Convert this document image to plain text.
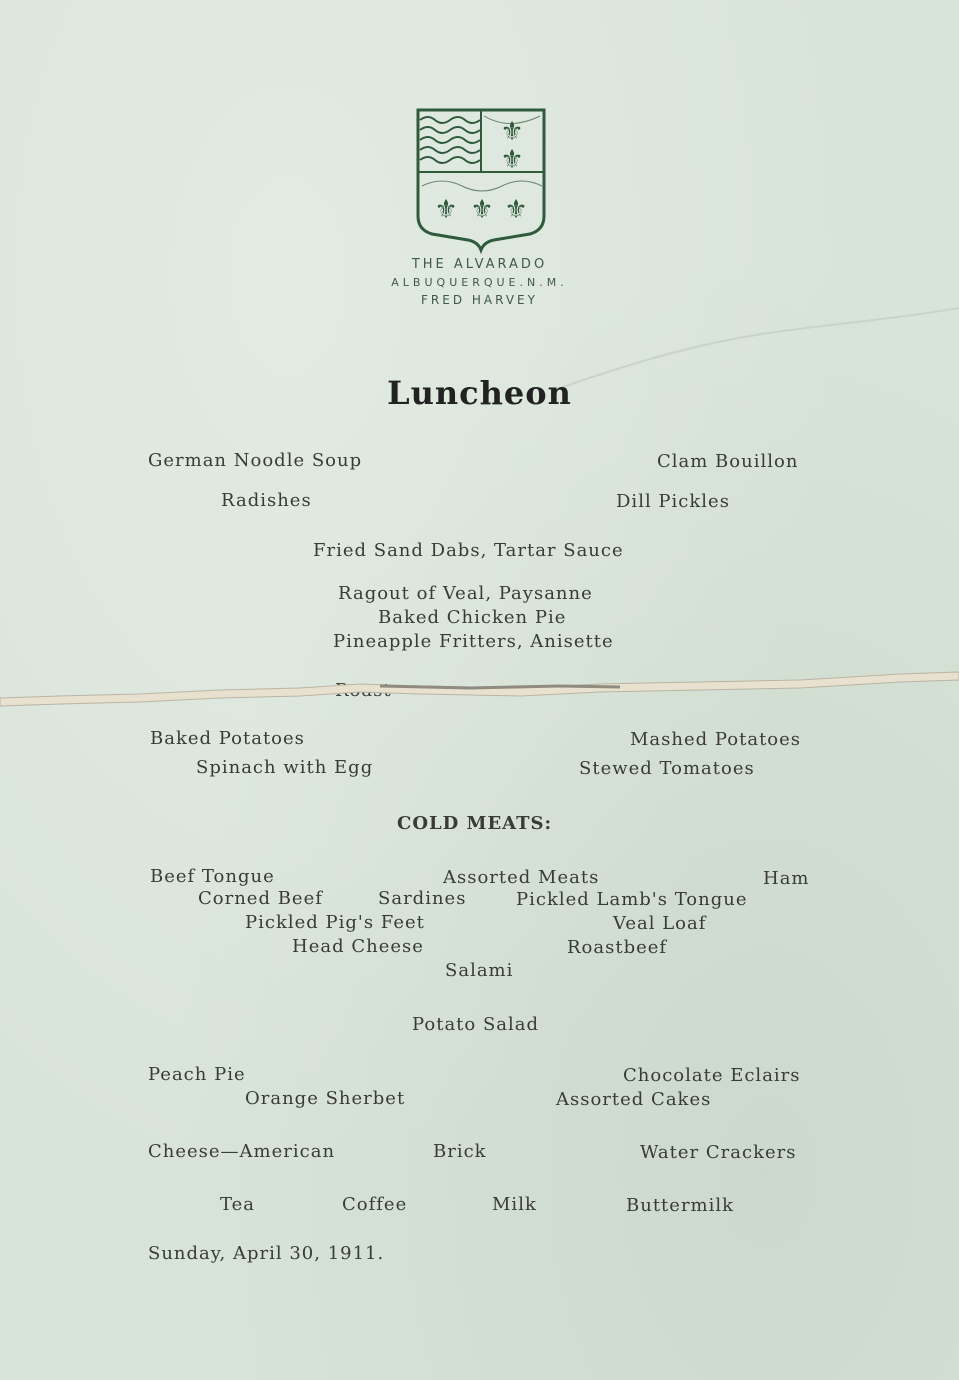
⚜
⚜
⚜ ⚜ ⚜
THE ALVARADO
ALBUQUERQUE.N.M.
FRED HARVEY
Luncheon
German Noodle Soup	Clam Bouillon
Radishes	Dill Pickles
Fried Sand Dabs, Tartar Sauce
Ragout of Veal, Paysanne
Baked Chicken Pie
Pineapple Fritters, Anisette
Baked Potatoes	Mashed Potatoes
Spinach with Egg	Stewed Tomatoes
COLD MEATS:
Beef Tongue	Assorted Meats	Ham
Corned Beef	Sardines	Pickled Lamb's Tongue
Pickled Pig's Feet	Veal Loaf
Head Cheese	Roastbeef
Salami
Potato Salad
Peach Pie	Chocolate Eclairs
Orange Sherbet	Assorted Cakes
Cheese—American	Brick	Water Crackers
Tea	Coffee	Milk	Buttermilk
Sunday, April 30, 1911.
